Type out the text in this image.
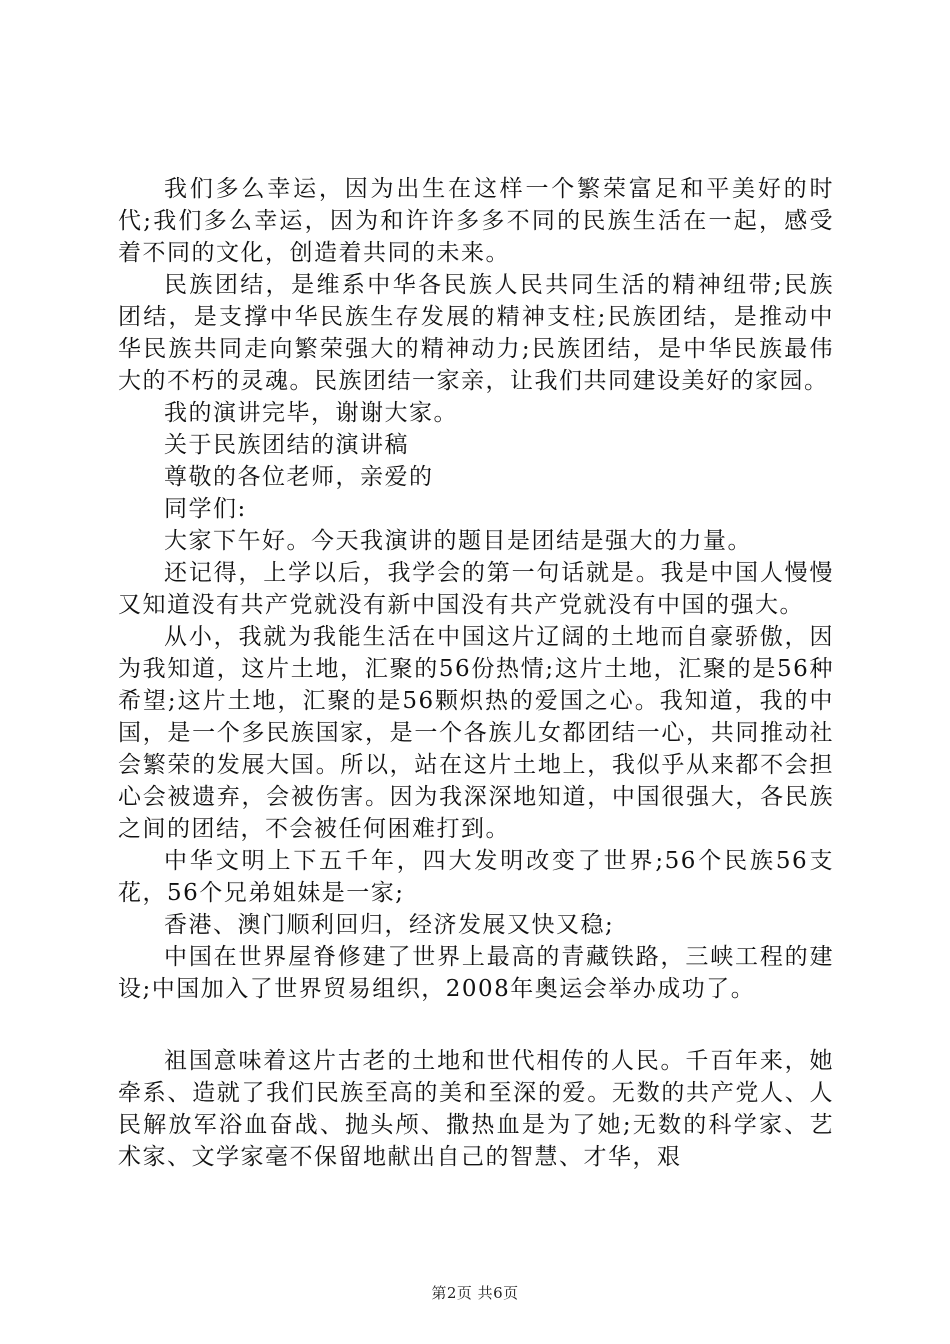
我们多么幸运，因为出生在这样一个繁荣富足和平美好的时代;我们多么幸运，因为和许许多多不同的民族生活在一起，感受着不同的文化，创造着共同的未来。

民族团结，是维系中华各民族人民共同生活的精神纽带;民族团结，是支撑中华民族生存发展的精神支柱;民族团结，是推动中华民族共同走向繁荣强大的精神动力;民族团结，是中华民族最伟大的不朽的灵魂。民族团结一家亲，让我们共同建设美好的家园。

我的演讲完毕，谢谢大家。

关于民族团结的演讲稿

尊敬的各位老师，亲爱的

同学们:

大家下午好。今天我演讲的题目是团结是强大的力量。

还记得，上学以后，我学会的第一句话就是。我是中国人慢慢又知道没有共产党就没有新中国没有共产党就没有中国的强大。

从小，我就为我能生活在中国这片辽阔的土地而自豪骄傲，因为我知道，这片土地，汇聚的56份热情;这片土地，汇聚的是56种希望;这片土地，汇聚的是56颗炽热的爱国之心。我知道，我的中国，是一个多民族国家，是一个各族儿女都团结一心，共同推动社会繁荣的发展大国。所以，站在这片土地上，我似乎从来都不会担心会被遗弃，会被伤害。因为我深深地知道，中国很强大，各民族之间的团结，不会被任何困难打到。

中华文明上下五千年，四大发明改变了世界;56个民族56支花，56个兄弟姐妹是一家;

香港、澳门顺利回归，经济发展又快又稳;

中国在世界屋脊修建了世界上最高的青藏铁路，三峡工程的建设;中国加入了世界贸易组织，2008年奥运会举办成功了。

祖国意味着这片古老的土地和世代相传的人民。千百年来，她牵系、造就了我们民族至高的美和至深的爱。无数的共产党人、人民解放军浴血奋战、抛头颅、撒热血是为了她;无数的科学家、艺术家、文学家毫不保留地献出自己的智慧、才华，艰

第2页 共6页
